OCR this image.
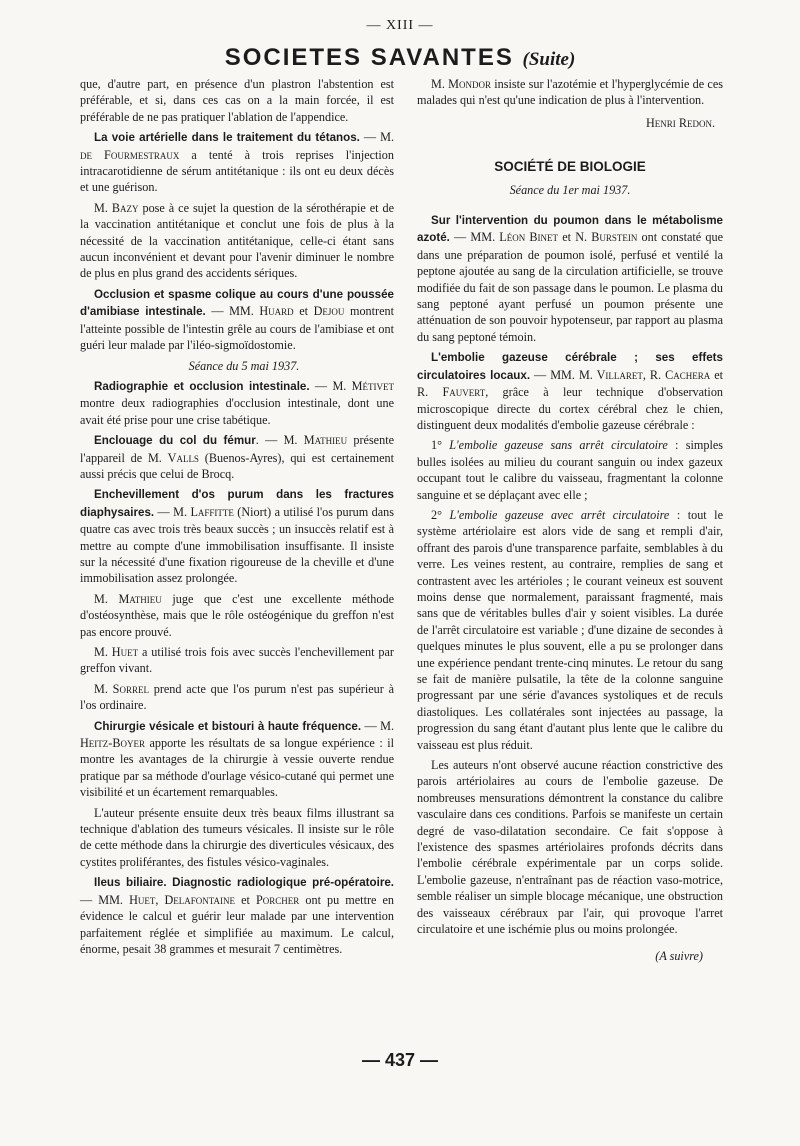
— XIII —
SOCIETES SAVANTES (Suite)

que, d'autre part, en présence d'un plastron l'abstention est préférable, et si, dans ces cas on a la main forcée, il est préférable de ne pas pratiquer l'ablation de l'appendice.

La voie artérielle dans le traitement du tétanos. — M. de Fourmestraux a tenté à trois reprises l'injection intracarotidienne de sérum antitétanique : ils ont eu deux décès et une guérison.

M. Bazy pose à ce sujet la question de la sérothérapie et de la vaccination antitétanique et conclut une fois de plus à la nécessité de la vaccination antitétanique, celle-ci étant sans aucun inconvénient et devant pour l'avenir diminuer le nombre de plus en plus grand des accidents sériques.

Occlusion et spasme colique au cours d'une poussée d'amibiase intestinale. — MM. Huard et Dejou montrent l'atteinte possible de l'intestin grêle au cours de l'amibiase et ont guéri leur malade par l'iléo-sigmoïdostomie.

Séance du 5 mai 1937.

Radiographie et occlusion intestinale. — M. Métivet montre deux radiographies d'occlusion intestinale, dont une avait été prise pour une crise tabétique.

Enclouage du col du fémur. — M. Mathieu présente l'appareil de M. Valls (Buenos-Ayres), qui est certainement aussi précis que celui de Brocq.

Enchevillement d'os purum dans les fractures diaphysaires. — M. Laffitte (Niort) a utilisé l'os purum dans quatre cas avec trois très beaux succès ; un insuccès relatif est à mettre au compte d'une immobilisation insuffisante. Il insiste sur la nécessité d'une fixation rigoureuse de la cheville et d'une immobilisation assez prolongée.

M. Mathieu juge que c'est une excellente méthode d'ostéosynthèse, mais que le rôle ostéogénique du greffon n'est pas encore prouvé.

M. Huet a utilisé trois fois avec succès l'enchevillement par greffon vivant.

M. Sorrel prend acte que l'os purum n'est pas supérieur à l'os ordinaire.

Chirurgie vésicale et bistouri à haute fréquence. — M. Heitz-Boyer apporte les résultats de sa longue expérience : il montre les avantages de la chirurgie à vessie ouverte rendue pratique par sa méthode d'ourlage vésico-cutané qui permet une visibilité et un écartement remarquables.

L'auteur présente ensuite deux très beaux films illustrant sa technique d'ablation des tumeurs vésicales. Il insiste sur le rôle de cette méthode dans la chirurgie des diverticules vésicaux, des cystites proliférantes, des fistules vésico-vaginales.

Ileus biliaire. Diagnostic radiologique pré-opératoire. — MM. Huet, Delafontaine et Porcher ont pu mettre en évidence le calcul et guérir leur malade par une intervention parfaitement réglée et simplifiée au maximum. Le calcul, énorme, pesait 38 grammes et mesurait 7 centimètres.

M. Mondor insiste sur l'azotémie et l'hyperglycémie de ces malades qui n'est qu'une indication de plus à l'intervention.

Henri Redon.
SOCIÉTÉ DE BIOLOGIE
Séance du 1er mai 1937.

Sur l'intervention du poumon dans le métabolisme azoté. — MM. Léon Binet et N. Burstein ont constaté que dans une préparation de poumon isolé, perfusé et ventilé la peptone ajoutée au sang de la circulation artificielle, se trouve modifiée du fait de son passage dans le poumon. Le plasma du sang peptoné ayant perfusé un poumon présente une atténuation de son pouvoir hypotenseur, par rapport au plasma du sang peptoné témoin.

L'embolie gazeuse cérébrale ; ses effets circulatoires locaux. — MM. M. Villaret, R. Cachera et R. Fauvert, grâce à leur technique d'observation microscopique directe du cortex cérébral chez le chien, distinguent deux modalités d'embolie gazeuse cérébrale :

1° L'embolie gazeuse sans arrêt circulatoire : simples bulles isolées au milieu du courant sanguin ou index gazeux occupant tout le calibre du vaisseau, fragmentant la colonne sanguine et se déplaçant avec elle ;

2° L'embolie gazeuse avec arrêt circulatoire : tout le système artériolaire est alors vide de sang et rempli d'air, offrant des parois d'une transparence parfaite, semblables à du verre. Les veines restent, au contraire, remplies de sang et contrastent avec les artérioles ; le courant veineux est souvent moins dense que normalement, paraissant fragmenté, mais sans que de véritables bulles d'air y soient visibles. La durée de l'arrêt circulatoire est variable ; d'une dizaine de secondes à quelques minutes le plus souvent, elle a pu se prolonger dans une expérience pendant trente-cinq minutes. Le retour du sang se fait de manière pulsatile, la tête de la colonne sanguine progressant par une série d'avances systoliques et de reculs diastoliques. Les collatérales sont injectées au passage, la progression du sang étant d'autant plus lente que le calibre du vaisseau est plus réduit.

Les auteurs n'ont observé aucune réaction constrictive des parois artériolaires au cours de l'embolie gazeuse. De nombreuses mensurations démontrent la constance du calibre vasculaire dans ces conditions. Parfois se manifeste un certain degré de vaso-dilatation secondaire. Ce fait s'oppose à l'existence des spasmes artériolaires profonds décrits dans l'embolie cérébrale expérimentale par un corps solide. L'embolie gazeuse, n'entraînant pas de réaction vaso-motrice, semble réaliser un simple blocage mécanique, une obstruction des vaisseaux cérébraux par l'air, qui provoque l'arret circulatoire et une ischémie plus ou moins prolongée.

(A suivre)
— 437 —
